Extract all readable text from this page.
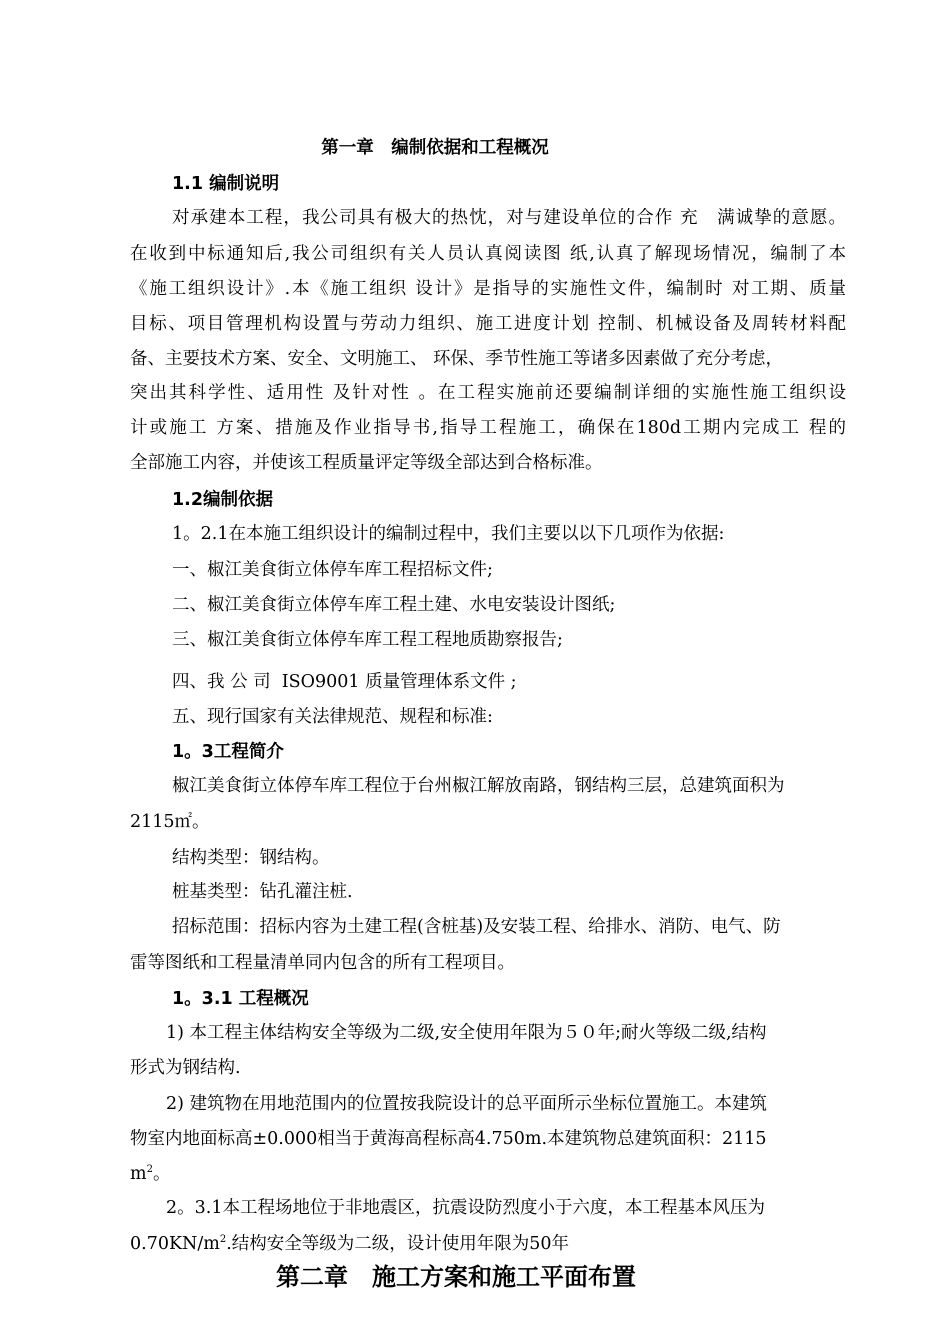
第一章　编制依据和工程概况
1.1 编制说明
对承建本工程，我公司具有极大的热忱，对与建设单位的合作 充　满诚挚的意愿。
在收到中标通知后,我公司组织有关人员认真阅读图 纸,认真了解现场情况，编制了本
《施工组织设计》.本《施工组织 设计》是指导的实施性文件，编制时 对工期、质量
目标、项目管理机构设置与劳动力组织、施工进度计划 控制、机械设备及周转材料配
备、主要技术方案、安全、文明施工、 环保、季节性施工等诸多因素做了充分考虑，
突出其科学性、适用性 及针对性 。在工程实施前还要编制详细的实施性施工组织设
计或施工 方案、措施及作业指导书,指导工程施工，确保在180d工期内完成工 程的
全部施工内容，并使该工程质量评定等级全部达到合格标准。
1.2编制依据
1。2.1在本施工组织设计的编制过程中，我们主要以以下几项作为依据:
一、椒江美食街立体停车库工程招标文件;
二、椒江美食街立体停车库工程土建、水电安装设计图纸;
三、椒江美食街立体停车库工程工程地质勘察报告;
四、我 公 司  ISO9001 质量管理体系文件 ;
五、现行国家有关法律规范、规程和标准:
1。3工程简介
椒江美食街立体停车库工程位于台州椒江解放南路，钢结构三层，总建筑面积为
2115㎡。
结构类型：钢结构。
桩基类型：钻孔灌注桩.
招标范围：招标内容为土建工程(含桩基)及安装工程、给排水、消防、电气、防
雷等图纸和工程量清单同内包含的所有工程项目。
1。3.1 工程概况
1) 本工程主体结构安全等级为二级,安全使用年限为５０年;耐火等级二级,结构
形式为钢结构.
2) 建筑物在用地范围内的位置按我院设计的总平面所示坐标位置施工。本建筑
物室内地面标高±0.000相当于黄海高程标高4.750m.本建筑物总建筑面积：2115
$m^2$。
2。3.1本工程场地位于非地震区，抗震设防烈度小于六度，本工程基本风压为
$0.70KN/m^2$.结构安全等级为二级，设计使用年限为50年
第二章　施工方案和施工平面布置
